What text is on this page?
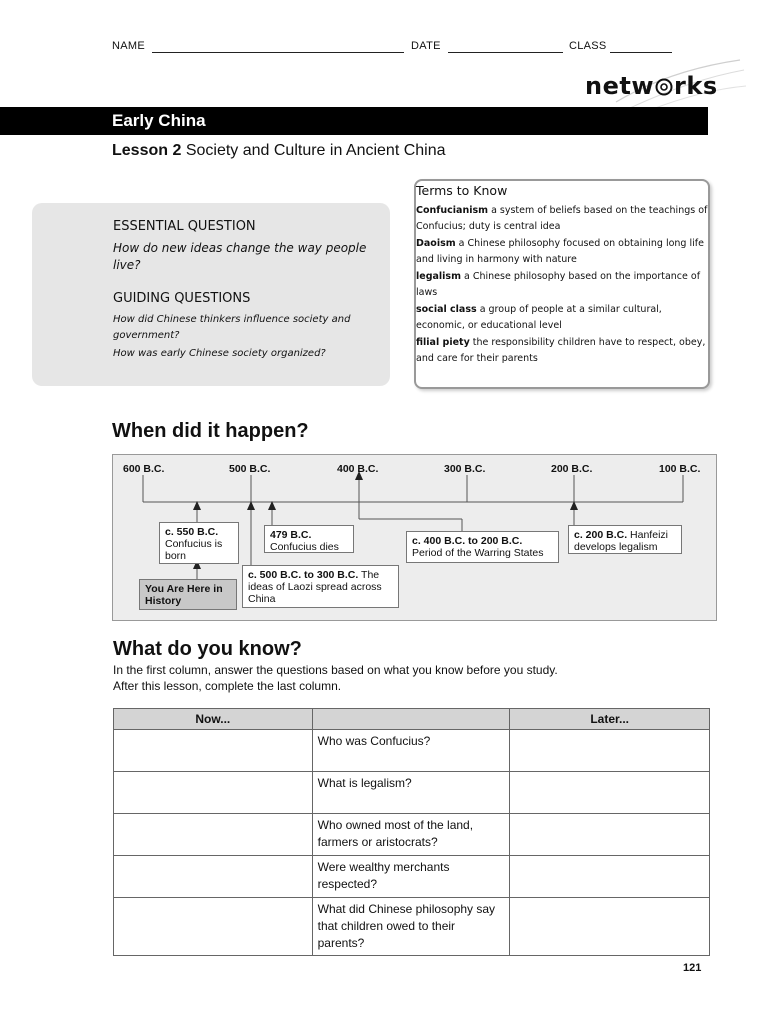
NAME	DATE	CLASS
netw rks
Early China
Lesson 2 Society and Culture in Ancient China
ESSENTIAL QUESTION
How do new ideas change the way people live?
GUIDING QUESTIONS
How did Chinese thinkers influence society and government?
How was early Chinese society organized?
Terms to Know
Confucianism a system of beliefs based on the teachings of Confucius; duty is central idea
Daoism a Chinese philosophy focused on obtaining long life and living in harmony with nature
legalism a Chinese philosophy based on the importance of laws
social class a group of people at a similar cultural, economic, or educational level
filial piety the responsibility children have to respect, obey, and care for their parents
When did it happen?
600 B.C.	500 B.C.	400 B.C.	300 B.C.	200 B.C.	100 B.C.
c. 550 B.C.
Confucius is born
479 B.C.
Confucius dies	c. 400 B.C. to 200 B.C.
Period of the Warring States
c. 200 B.C. Hanfeizi develops legalism
c. 500 B.C. to 300 B.C. The ideas of Laozi spread across China
You Are Here in History
What do you know?
In the first column, answer the questions based on what you know before you study.
After this lesson, complete the last column.
Now...		Later...
	Who was Confucius?	
	What is legalism?	
	Who owned most of the land, farmers or aristocrats?	
	Were wealthy merchants respected?	
	What did Chinese philosophy say that children owed to their parents?	
121
